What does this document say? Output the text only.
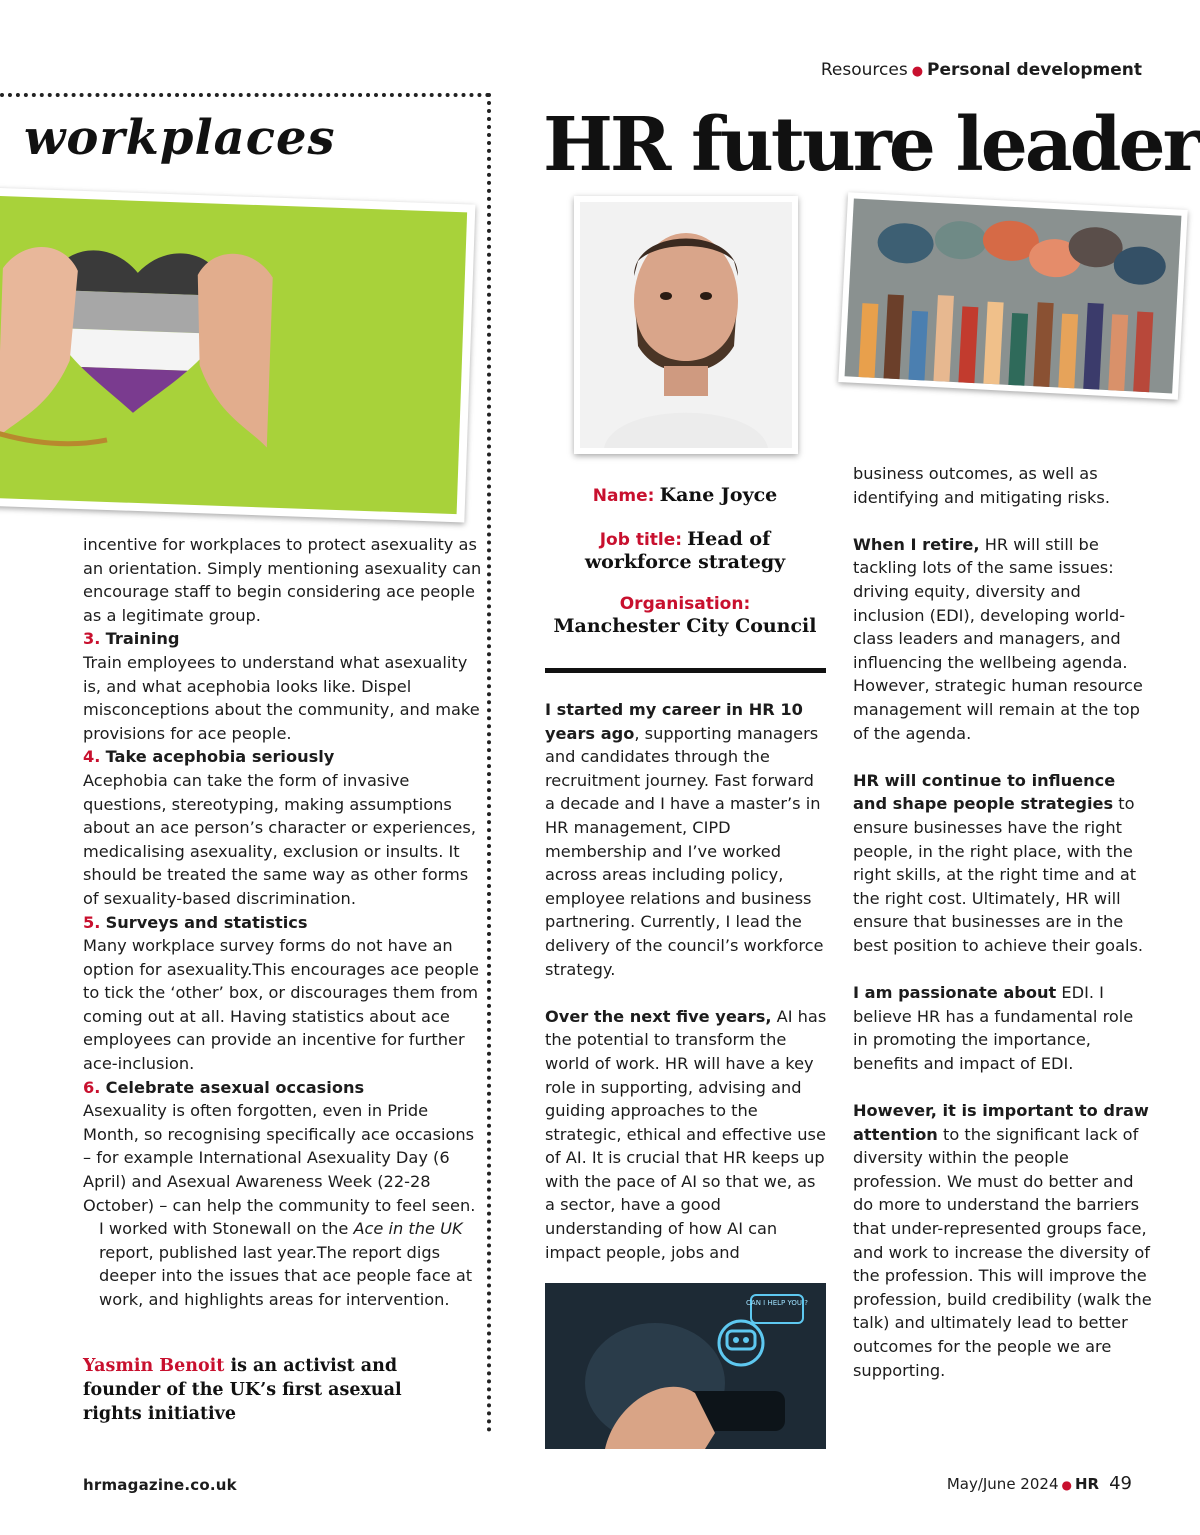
Resources ● Personal development
workplaces	HR future leader
Name: Kane Joyce
Job title: Head of workforce strategy
Organisation:
Manchester City Council

incentive for workplaces to protect asexuality as an orientation. Simply mentioning asexuality can encourage staff to begin considering ace people as a legitimate group.

3. Training

Train employees to understand what asexuality is, and what acephobia looks like. Dispel misconceptions about the community, and make provisions for ace people.

4. Take acephobia seriously

Acephobia can take the form of invasive questions, stereotyping, making assumptions about an ace person’s character or experiences, medicalising asexuality, exclusion or insults. It should be treated the same way as other forms of sexuality-based discrimination.

5. Surveys and statistics

Many workplace survey forms do not have an option for asexuality.This encourages ace people to tick the ‘other’ box, or discourages them from coming out at all. Having statistics about ace employees can provide an incentive for further ace-inclusion.

6. Celebrate asexual occasions

Asexuality is often forgotten, even in Pride Month, so recognising specifically ace occasions – for example International Asexuality Day (6 April) and Asexual Awareness Week (22-28 October) – can help the community to feel seen.

I worked with Stonewall on the Ace in the UK report, published last year.The report digs deeper into the issues that ace people face at work, and highlights areas for intervention.

Yasmin Benoit is an activist and founder of the UK’s first asexual rights initiative

I started my career in HR 10 years ago, supporting managers and candidates through the recruitment journey. Fast forward a decade and I have a master’s in HR management, CIPD membership and I’ve worked across areas including policy, employee relations and business partnering. Currently, I lead the delivery of the council’s workforce strategy.

Over the next five years, AI has the potential to transform the world of work. HR will have a key role in supporting, advising and guiding approaches to the strategic, ethical and effective use of AI. It is crucial that HR keeps up with the pace of AI so that we, as a sector, have a good understanding of how AI can impact people, jobs and

CAN I HELP YOU ?

business outcomes, as well as identifying and mitigating risks.

When I retire, HR will still be tackling lots of the same issues: driving equity, diversity and inclusion (EDI), developing world-class leaders and managers, and influencing the wellbeing agenda. However, strategic human resource management will remain at the top of the agenda.

HR will continue to influence and shape people strategies to ensure businesses have the right people, in the right place, with the right skills, at the right time and at the right cost. Ultimately, HR will ensure that businesses are in the best position to achieve their goals.

I am passionate about EDI. I believe HR has a fundamental role in promoting the importance, benefits and impact of EDI.

However, it is important to draw attention to the significant lack of diversity within the people profession. We must do better and do more to understand the barriers that under-represented groups face, and work to increase the diversity of the profession. This will improve the profession, build credibility (walk the talk) and ultimately lead to better outcomes for the people we are supporting.

hrmagazine.co.uk	May/June 2024 ● HR 49
